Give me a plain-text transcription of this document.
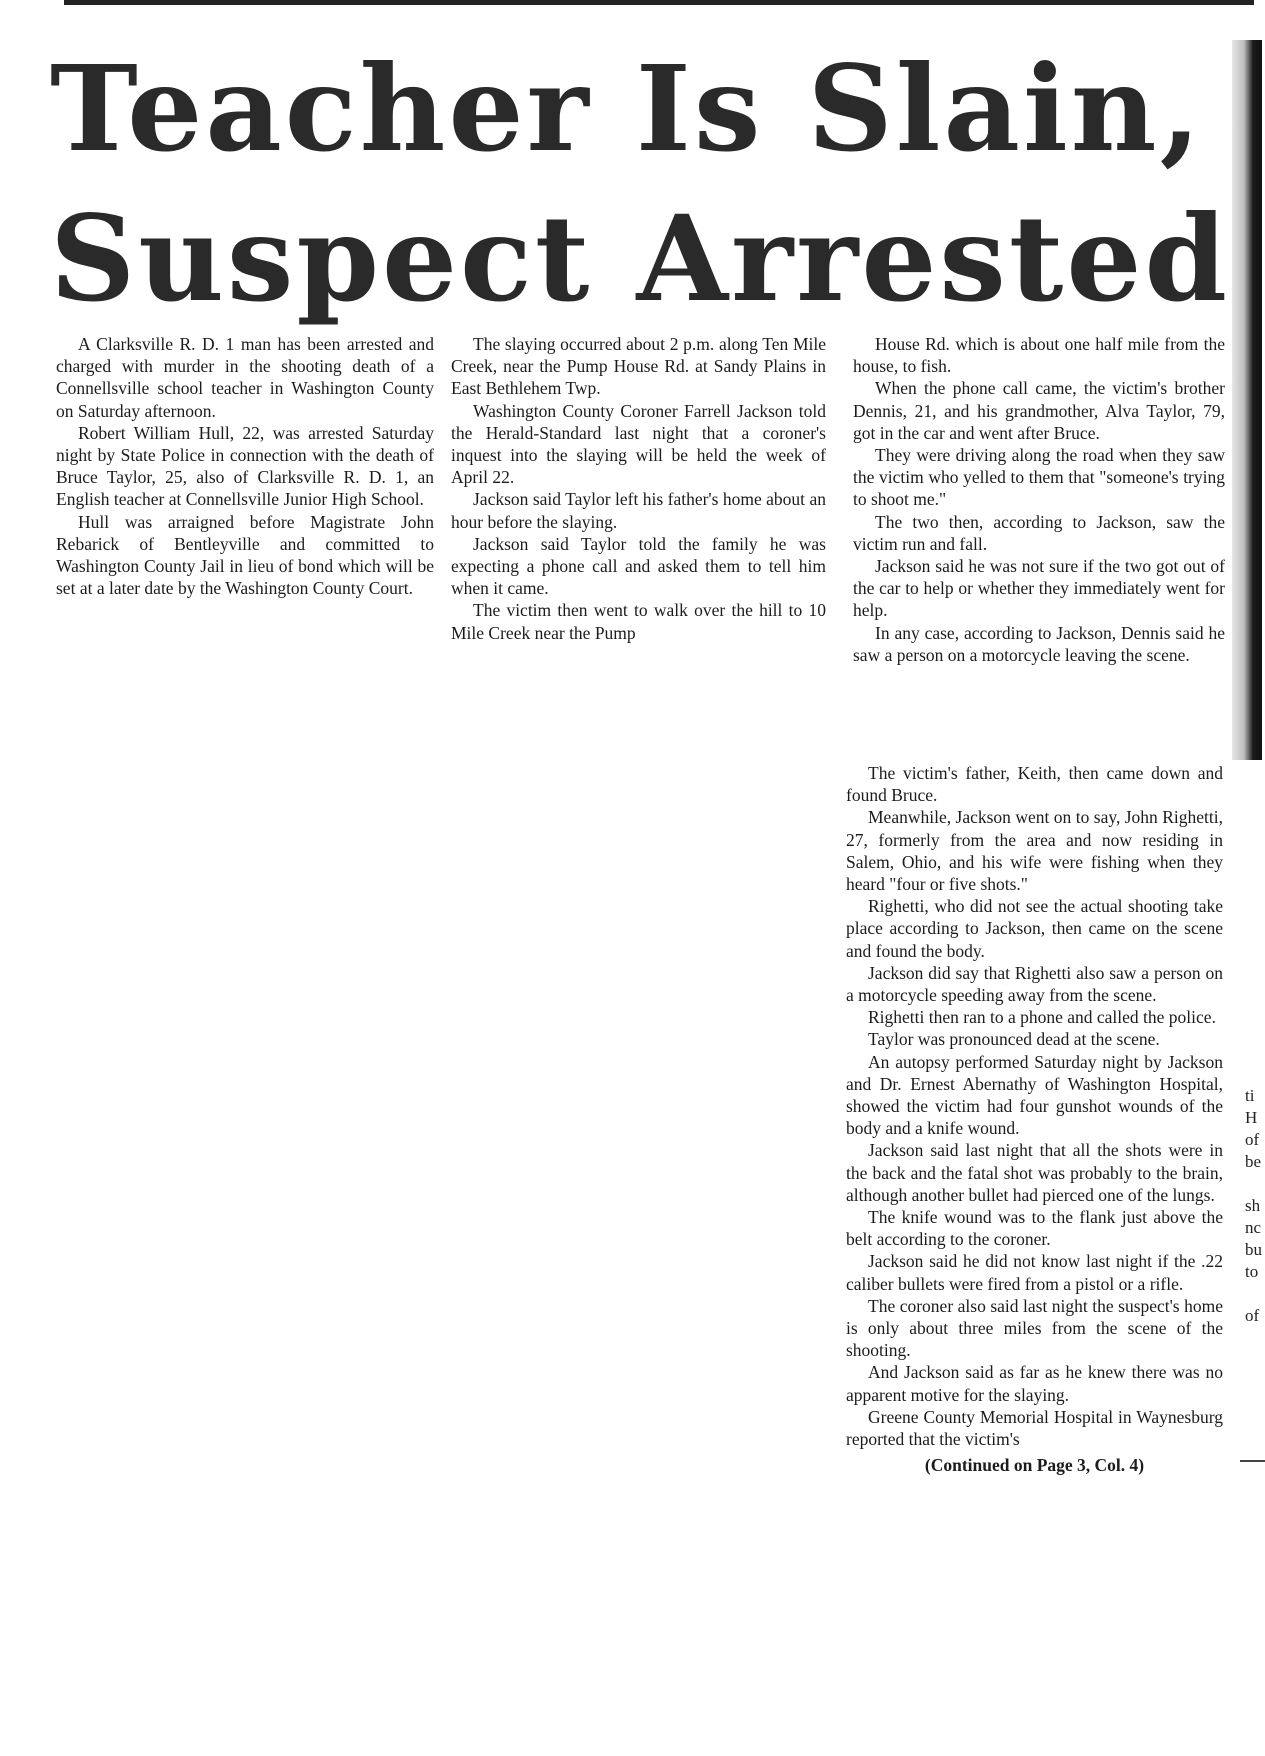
Teacher Is Slain,
Suspect Arrested

A Clarksville R. D. 1 man has been arrested and charged with murder in the shooting death of a Connellsville school teacher in Washington County on Saturday afternoon.

Robert William Hull, 22, was arrested Saturday night by State Police in connection with the death of Bruce Taylor, 25, also of Clarksville R. D. 1, an English teacher at Connellsville Junior High School.

Hull was arraigned before Magistrate John Rebarick of Bentleyville and committed to Washington County Jail in lieu of bond which will be set at a later date by the Washington County Court.

The slaying occurred about 2 p.m. along Ten Mile Creek, near the Pump House Rd. at Sandy Plains in East Bethlehem Twp.

Washington County Coroner Farrell Jackson told the Herald-Standard last night that a coroner's inquest into the slaying will be held the week of April 22.

Jackson said Taylor left his father's home about an hour before the slaying.

Jackson said Taylor told the family he was expecting a phone call and asked them to tell him when it came.

The victim then went to walk over the hill to 10 Mile Creek near the Pump

House Rd. which is about one half mile from the house, to fish.

When the phone call came, the victim's brother Dennis, 21, and his grandmother, Alva Taylor, 79, got in the car and went after Bruce.

They were driving along the road when they saw the victim who yelled to them that "someone's trying to shoot me."

The two then, according to Jackson, saw the victim run and fall.

Jackson said he was not sure if the two got out of the car to help or whether they immediately went for help.

In any case, according to Jackson, Dennis said he saw a person on a motorcycle leaving the scene.

The victim's father, Keith, then came down and found Bruce.

Meanwhile, Jackson went on to say, John Righetti, 27, formerly from the area and now residing in Salem, Ohio, and his wife were fishing when they heard "four or five shots."

Righetti, who did not see the actual shooting take place according to Jackson, then came on the scene and found the body.

Jackson did say that Righetti also saw a person on a motorcycle speeding away from the scene.

Righetti then ran to a phone and called the police.

Taylor was pronounced dead at the scene.

An autopsy performed Saturday night by Jackson and Dr. Ernest Abernathy of Washington Hospital, showed the victim had four gunshot wounds of the body and a knife wound.

Jackson said last night that all the shots were in the back and the fatal shot was probably to the brain, although another bullet had pierced one of the lungs.

The knife wound was to the flank just above the belt according to the coroner.

Jackson said he did not know last night if the .22 caliber bullets were fired from a pistol or a rifle.

The coroner also said last night the suspect's home is only about three miles from the scene of the shooting.

And Jackson said as far as he knew there was no apparent motive for the slaying.

Greene County Memorial Hospital in Waynesburg reported that the victim's

(Continued on Page 3, Col. 4)

ti
H
of
be

sh
nc
bu
to

of
